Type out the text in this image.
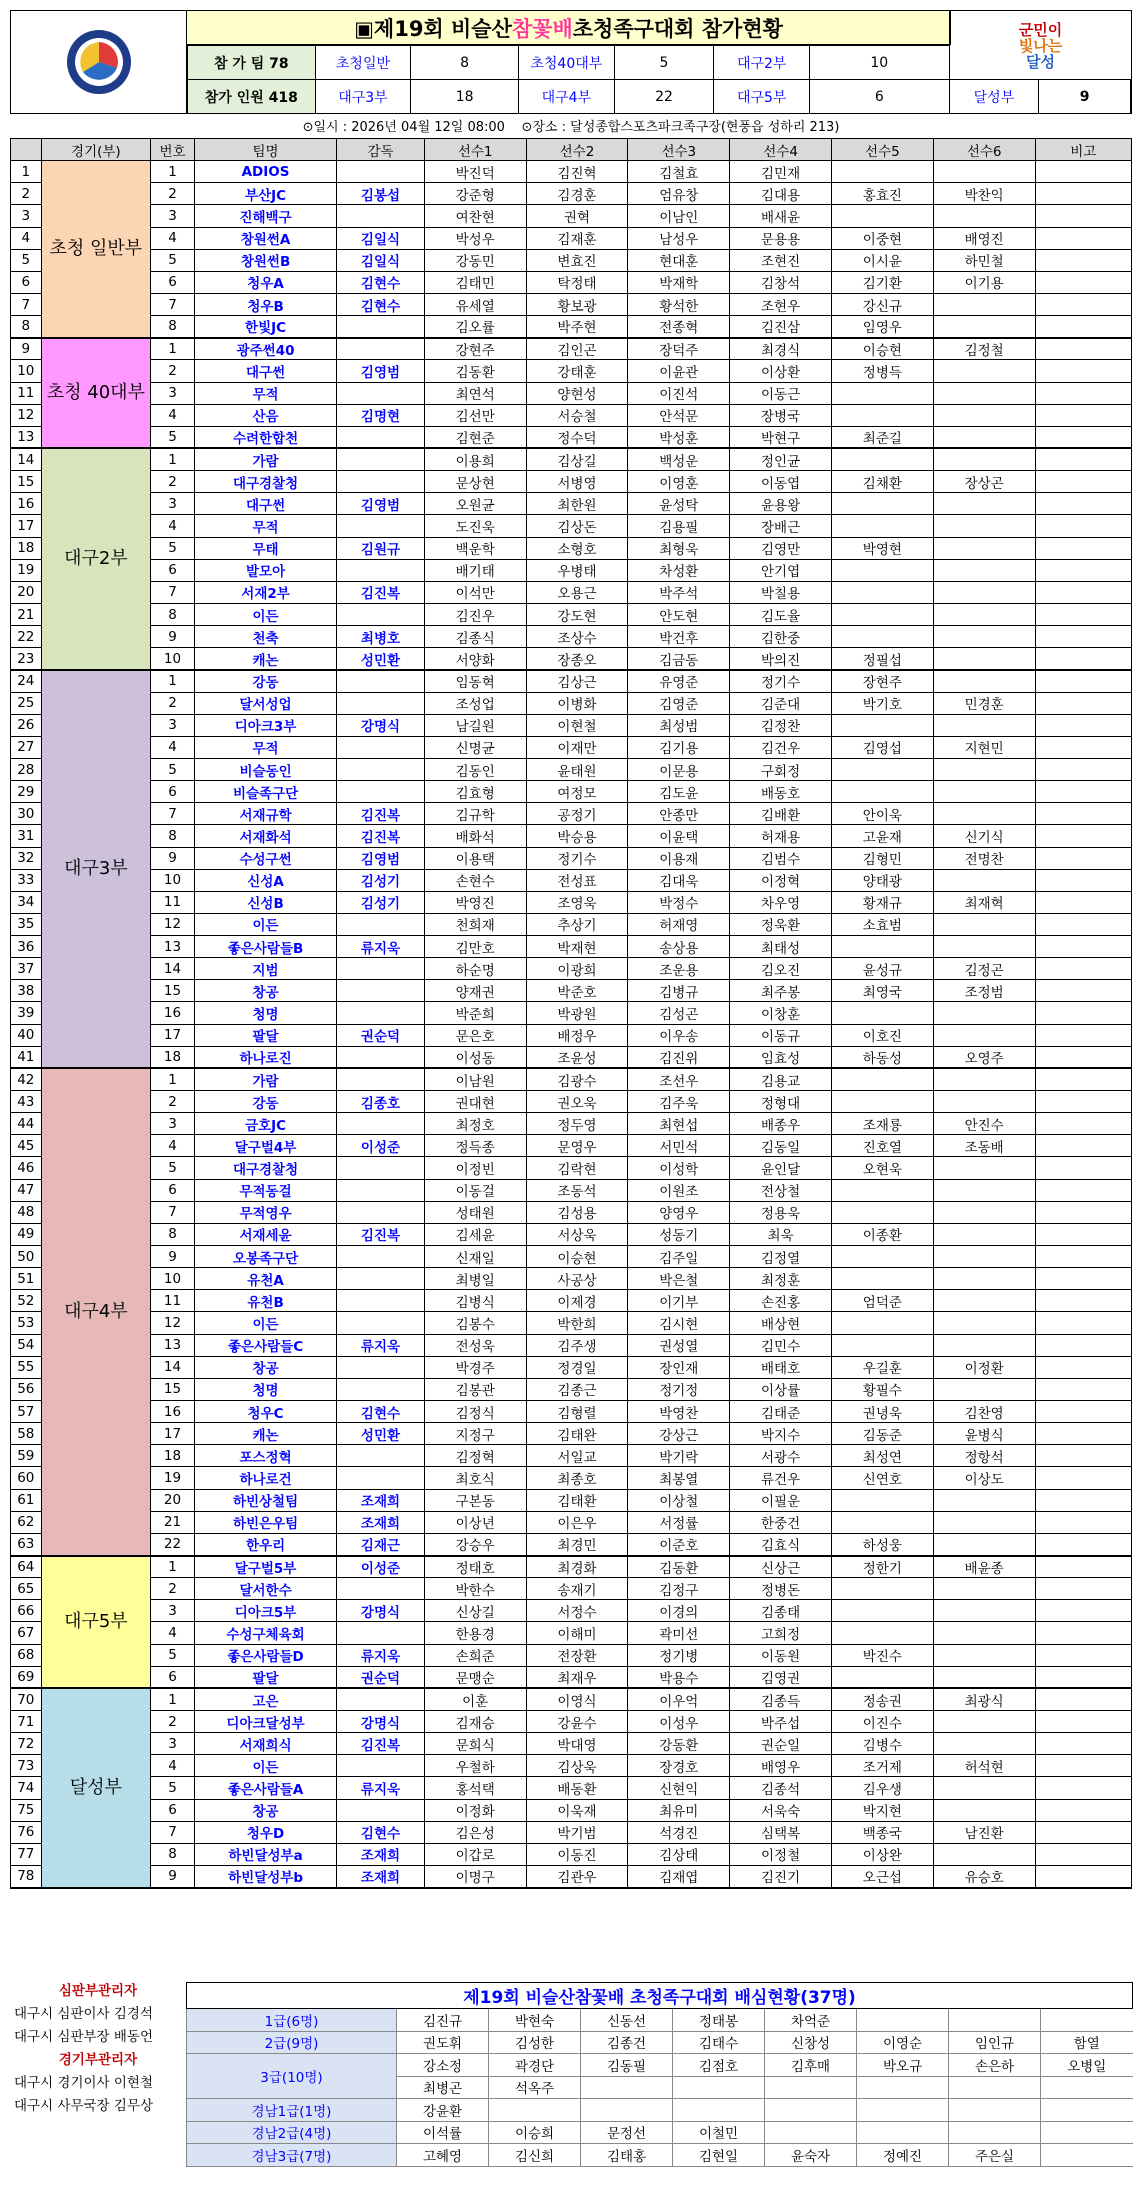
▣제19회 비슬산 참꽃배 초청족구대회 참가현황	군민이
빛나는
달성
참 가 팀 78	초청일반	8	초청40대부	5	대구2부	10		
참가 인원 418	대구3부	18	대구4부	22	대구5부	6	달성부	9
⊙일시 : 2026년 04월 12일 08:00 ⊙장소 : 달성종합스포츠파크족구장(현풍읍 성하리 213)
	경기(부)	번호	팀명	감독	선수1	선수2	선수3	선수4	선수5	선수6	비고
1	초청 일반부	1	ADIOS		박진덕	김진혁	김철효	김민재			
2		2	부산JC	김봉섭	강준형	김경훈	엄유창	김대용	홍효진	박찬익	
3		3	진해백구		여찬현	권혁	이남인	배새윤			
4		4	창원썬A	김일식	박성우	김재훈	남성우	문용용	이중현	배영진	
5		5	창원썬B	김일식	강동민	변효진	현대훈	조현진	이시윤	하민철	
6		6	청우A	김현수	김태민	탁정태	박재학	김창석	김기환	이기용	
7		7	청우B	김현수	유세열	황보광	황석한	조현우	강신규		
8		8	한빛JC		김오률	박주현	전종혁	김진삼	임영우		
9	초청 40대부	1	광주썬40		강현주	김인곤	장덕주	최경식	이승현	김정철	
10		2	대구썬	김영범	김동환	강태훈	이윤관	이상환	정병득		
11		3	무적		최연석	양현성	이진석	이동근			
12		4	산음	김명현	김선만	서승철	안석문	장병국			
13		5	수려한합천		김현준	정수덕	박성훈	박현구	최준길		
14	대구2부	1	가람		이용희	김상길	백성운	정인균			
15		2	대구경찰청		문상현	서병영	이영훈	이동엽	김채환	장상곤	
16		3	대구썬	김영범	오원균	최한원	윤성탁	윤용왕			
17		4	무적		도진욱	김상돈	김용필	장배근			
18		5	무태	김원규	백운학	소형호	최형욱	김영만	박영현		
19		6	발모아		배기태	우병태	차성환	안기엽			
20		7	서재2부	김진복	이석만	오용근	박주석	박칠용			
21		8	이든		김진우	강도현	안도현	김도율			
22		9	천축	최병호	김종식	조상수	박건후	김한중			
23		10	캐논	성민환	서양화	장종오	김금동	박의진	정필섭		
24	대구3부	1	강동		임동혁	김상근	유영준	정기수	장현주		
25		2	달서성업		조성업	이병화	김영준	김준대	박기호	민경훈	
26		3	디아크3부	강명식	남길원	이현철	최성범	김정찬			
27		4	무적		신명균	이재만	김기용	김건우	김영섭	지현민	
28		5	비슬동인		김동인	윤태원	이문용	구회정			
29		6	비슬족구단		김효형	여정모	김도윤	배동호			
30		7	서재규학	김진복	김규학	공정기	안종만	김배환	안이욱		
31		8	서재화석	김진복	배화석	박승용	이윤택	허재용	고윤재	신기식	
32		9	수성구썬	김영범	이용택	정기수	이용재	김범수	김형민	전명찬	
33		10	신성A	김성기	손현수	전성표	김대욱	이정혁	양태광		
34		11	신성B	김성기	박영진	조영욱	박정수	차우영	황재규	최재혁	
35		12	이든		천희재	추상기	허재영	정욱환	소효범		
36		13	좋은사람들B	류지욱	김만호	박재현	송상용	최태성			
37		14	지범		하순명	이광희	조운용	김오진	윤성규	김정곤	
38		15	창공		양재권	박준호	김병규	최주봉	최영국	조정범	
39		16	청명		박준희	박광원	김성곤	이창훈			
40		17	팔달	권순덕	문은호	배정우	이우송	이동규	이호진		
41		18	하나로진		이성동	조윤성	김진위	임효성	하동성	오영주	
42	대구4부	1	가람		이남원	김광수	조선우	김용교			
43		2	강동	김종호	권대현	권오욱	김주욱	정형대			
44		3	금호JC		최정호	정두영	최현섭	배종우	조재룡	안진수	
45		4	달구벌4부	이성준	정득종	문영우	서민석	김동일	진호열	조동배	
46		5	대구경찰청		이정빈	김락현	이성학	윤인달	오현욱		
47		6	무적동걸		이동걸	조동석	이원조	전상철			
48		7	무적영우		성태원	김성용	양영우	정용욱			
49		8	서재세윤	김진복	김세윤	서상욱	성동기	최욱	이종환		
50		9	오봉족구단		신재일	이승현	김주일	김정열			
51		10	유천A		최병일	사공상	박은철	최정훈			
52		11	유천B		김병식	이제경	이기부	손진홍	엄덕준		
53		12	이든		김봉수	박한희	김시현	배상현			
54		13	좋은사람들C	류지욱	전성욱	김주생	권성열	김민수			
55		14	창공		박경주	정경일	장인재	배태호	우길훈	이정환	
56		15	청명		김봉관	김종근	정기정	이상률	황필수		
57		16	청우C	김현수	김정식	김형렬	박영찬	김태준	권녕욱	김찬영	
58		17	캐논	성민환	지정구	김태완	강상근	박지수	김동준	윤병식	
59		18	포스정혁		김정혁	서일교	박기락	서광수	최성연	정항석	
60		19	하나로건		최호식	최종호	최봉열	류건우	신연호	이상도	
61		20	하빈상철팀	조재희	구본동	김태환	이상철	이필운			
62		21	하빈은우팀	조재희	이상년	이은우	서정률	한중건			
63		22	한우리	김재근	강승우	최경민	이준호	김효식	하성웅		
64	대구5부	1	달구벌5부	이성준	정태호	최경화	김동환	신상근	정한기	배윤종	
65		2	달서한수		박한수	송재기	김정구	정병돈			
66		3	디아크5부	강명식	신상길	서정수	이경의	김종태			
67		4	수성구체육회		한용경	이해미	곽미선	고희정			
68		5	좋은사람들D	류지욱	손희준	전장환	정기병	이동원	박진수		
69		6	팔달	권순덕	문맹순	최재우	박용수	김영권			
70	달성부	1	고은		이훈	이영식	이우억	김종득	정송권	최광식	
71		2	디아크달성부	강명식	김재승	강윤수	이성우	박주섭	이진수		
72		3	서재희식	김진복	문희식	박대영	강동환	권순일	김병수		
73		4	이든		우철하	김상욱	장경호	배영우	조거제	허석현	
74		5	좋은사람들A	류지욱	홍석택	배동환	신현익	김종석	김우생		
75		6	창공		이정화	이욱재	최유미	서욱숙	박지현		
76		7	청우D	김현수	김은성	박기범	석경진	심택복	백종국	남진환	
77		8	하빈달성부a	조재희	이갑로	이동진	김상태	이정철	이상완		
78		9	하빈달성부b	조재희	이명구	김관우	김재엽	김진기	오근섭	유승호	
심판부관리자
대구시 심판이사 김경석
대구시 심판부장 배동언
경기부관리자
대구시 경기이사 이현철
대구시 사무국장 김무상
제19회 비슬산참꽃배 초청족구대회 배심현황(37명)								
1급(6명)	김진규	박현숙	신동선	정태봉	차억준			
2급(9명)	권도휘	김성한	김종건	김태수	신창성	이영순	임인규	함열
3급(10명)	강소정	곽경단	김동필	김점호	김후매	박오규	손은하	오병일
	최병곤	석옥주						
경남1급(1명)	강윤환							
경남2급(4명)	이석률	이승희	문정선	이철민				
경남3급(7명)	고혜영	김신희	김태홍	김현일	윤숙자	정예진	주은실	
